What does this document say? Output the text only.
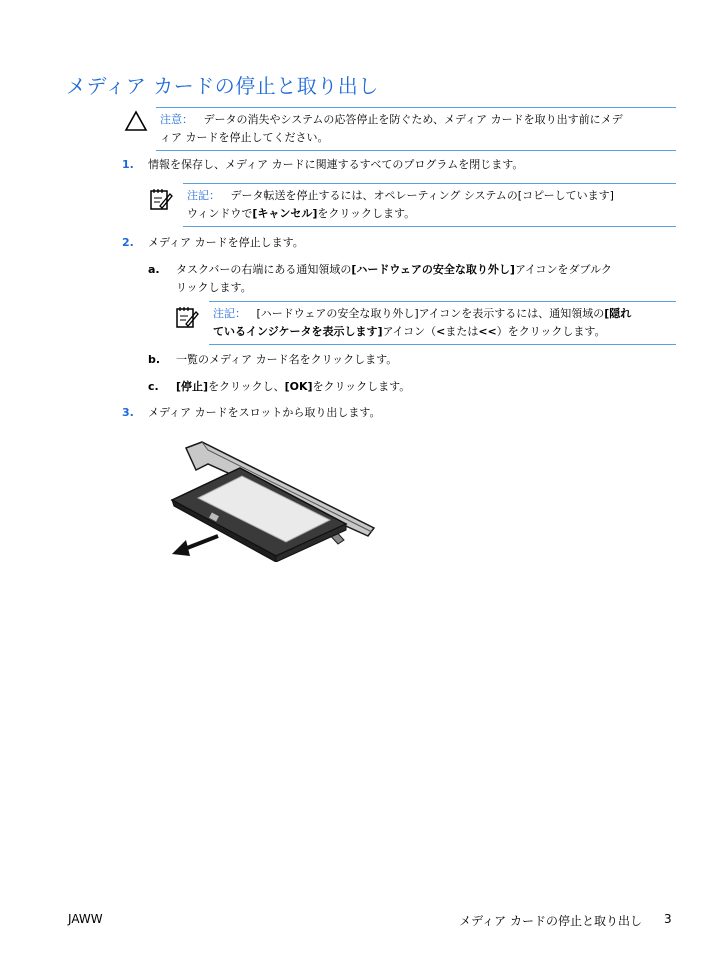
メディア カードの停止と取り出し
注意： データの消失やシステムの応答停止を防ぐため、メディア カードを取り出す前にメデ
ィア カードを停止してください。
1. 情報を保存し、メディア カードに関連するすべてのプログラムを閉じます。
注記： データ転送を停止するには、オペレーティング システムの[コピーしています]
ウィンドウで[キャンセル]をクリックします。
2. メディア カードを停止します。
a. タスクバーの右端にある通知領域の[ハードウェアの安全な取り外し]アイコンをダブルク
リックします。
注記： [ハードウェアの安全な取り外し]アイコンを表示するには、通知領域の[隠れ
ているインジケータを表示します]アイコン（<または<<）をクリックします。
b. 一覧のメディア カード名をクリックします。
c. [停止]をクリックし、[OK]をクリックします。
3. メディア カードをスロットから取り出します。
JAWW	メディア カードの停止と取り出し 3
